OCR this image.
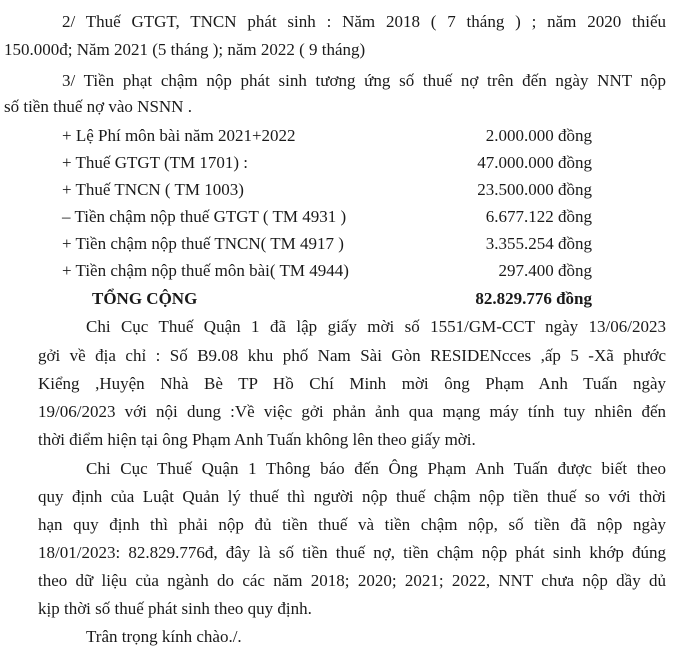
2/ Thuế GTGT, TNCN phát sinh : Năm 2018 ( 7 tháng ) ; năm 2020 thiếu
150.000đ; Năm 2021 (5 tháng ); năm 2022 ( 9 tháng)
3/ Tiền phạt chậm nộp phát sinh tương ứng số thuế nợ trên đến ngày NNT nộp
số tiền thuế nợ vào NSNN .
+ Lệ Phí môn bài năm 2021+2022	2.000.000 đồng
+ Thuế GTGT (TM 1701) :	47.000.000 đồng
+ Thuế TNCN ( TM 1003)	23.500.000 đồng
– Tiền chậm nộp thuế GTGT ( TM 4931 )	6.677.122 đồng
+ Tiền chậm nộp thuế TNCN( TM 4917 )	3.355.254 đồng
+ Tiền chậm nộp thuế môn bài( TM 4944)	297.400 đồng
TỔNG CỘNG	82.829.776 đồng
Chi Cục Thuế Quận 1 đã lập giấy mời số 1551/GM-CCT ngày 13/06/2023
gởi về địa chỉ : Số B9.08 khu phố Nam Sài Gòn RESIDENcces ,ấp 5 -Xã phước
Kiểng ,Huyện Nhà Bè TP Hồ Chí Minh mời ông Phạm Anh Tuấn ngày
19/06/2023 với nội dung :Về việc gởi phản ảnh qua mạng máy tính tuy nhiên đến
thời điểm hiện tại ông Phạm Anh Tuấn không lên theo giấy mời.
Chi Cục Thuế Quận 1 Thông báo đến Ông Phạm Anh Tuấn được biết theo
quy định của Luật Quản lý thuế thì người nộp thuế chậm nộp tiền thuế so với thời
hạn quy định thì phải nộp đủ tiền thuế và tiền chậm nộp, số tiền đã nộp ngày
18/01/2023: 82.829.776đ, đây là số tiền thuế nợ, tiền chậm nộp phát sinh khớp đúng
theo dữ liệu của ngành do các năm 2018; 2020; 2021; 2022, NNT chưa nộp dầy dủ
kịp thời số thuế phát sinh theo quy định.
Trân trọng kính chào./.
